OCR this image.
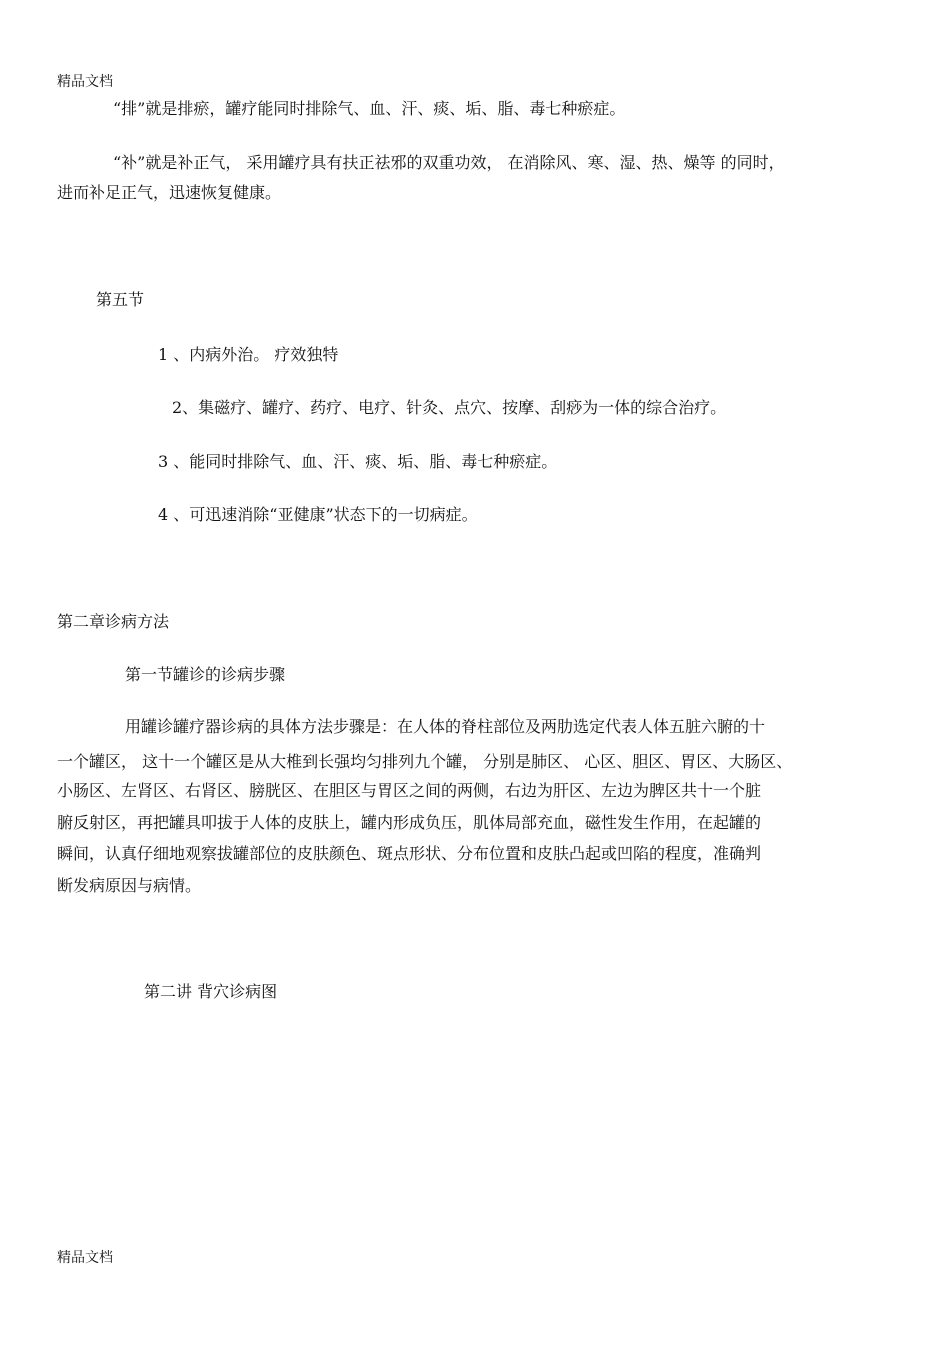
精品文档
“排”就是排瘀，罐疗能同时排除气、血、汗、痰、垢、脂、毒七种瘀症。
“补”就是补正气， 采用罐疗具有扶正祛邪的双重功效， 在消除风、寒、湿、热、燥等 的同时，
进而补足正气，迅速恢复健康。
第五节
1 、内病外治。 疗效独特
2、集磁疗、罐疗、药疗、电疗、针灸、点穴、按摩、刮痧为一体的综合治疗。
3 、能同时排除气、血、汗、痰、垢、脂、毒七种瘀症。
4 、可迅速消除“亚健康”状态下的一切病症。
第二章诊病方法
第一节罐诊的诊病步骤
用罐诊罐疗器诊病的具体方法步骤是：在人体的脊柱部位及两肋选定代表人体五脏六腑的十
一个罐区， 这十一个罐区是从大椎到长强均匀排列九个罐， 分别是肺区、 心区、胆区、胃区、大肠区、
小肠区、左肾区、右肾区、膀胱区、在胆区与胃区之间的两侧，右边为肝区、左边为脾区共十一个脏
腑反射区，再把罐具叩拔于人体的皮肤上，罐内形成负压，肌体局部充血，磁性发生作用，在起罐的
瞬间，认真仔细地观察拔罐部位的皮肤颜色、斑点形状、分布位置和皮肤凸起或凹陷的程度，准确判
断发病原因与病情。
第二讲 背穴诊病图
精品文档
